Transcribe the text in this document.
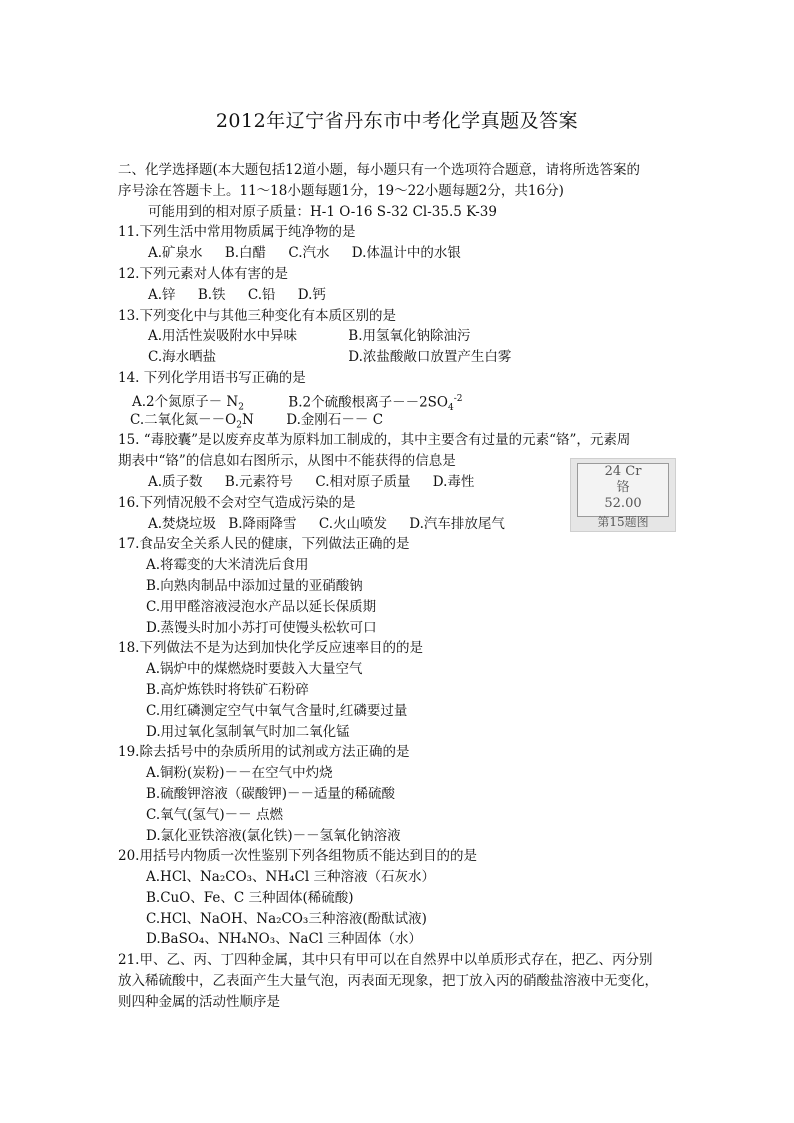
2012年辽宁省丹东市中考化学真题及答案
二、化学选择题(本大题包括12道小题，每小题只有一个选项符合题意，请将所选答案的
序号涂在答题卡上。11～18小题每题1分，19～22小题每题2分，共16分)
可能用到的相对原子质量：H-1 O-16 S-32 Cl-35.5 K-39
11.下列生活中常用物质属于纯净物的是
A.矿泉水 B.白醋 C.汽水 D.体温计中的水银
12.下列元素对人体有害的是
A.锌 B.铁 C.铅 D.钙
13.下列变化中与其他三种变化有本质区别的是
A.用活性炭吸附水中异味	B.用氢氧化钠除油污
C.海水晒盐	D.浓盐酸敞口放置产生白雾
14. 下列化学用语书写正确的是
A.2个氮原子－ $N_2$	B.2个硫酸根离子$--2SO_4^{-2}$
C.二氧化氮$--O_2N$ D.金刚石－－ C
15. “毒胶囊”是以废弃皮革为原料加工制成的，其中主要含有过量的元素“铬”，元素周
期表中“铬”的信息如右图所示，从图中不能获得的信息是
A.质子数 B.元素符号 C.相对原子质量 D.毒性
16.下列情况般不会对空气造成污染的是
A.焚烧垃圾 B.降雨降雪 C.火山喷发 D.汽车排放尾气
17.食品安全关系人民的健康，下列做法正确的是
A.将霉变的大米清洗后食用
B.向熟肉制品中添加过量的亚硝酸钠
C.用甲醛溶液浸泡水产品以延长保质期
D.蒸馒头时加小苏打可使馒头松软可口
18.下列做法不是为达到加快化学反应速率目的的是
A.锅炉中的煤燃烧时要鼓入大量空气
B.高炉炼铁时将铁矿石粉碎
C.用红磷测定空气中氧气含量时,红磷要过量
D.用过氧化氢制氧气时加二氧化锰
19.除去括号中的杂质所用的试剂或方法正确的是
A.铜粉(炭粉)－－在空气中灼烧
B.硫酸钾溶液（碳酸钾)－－适量的稀硫酸
C.氧气(氢气)－－ 点燃
D.氯化亚铁溶液(氯化铁)－－氢氧化钠溶液
20.用括号内物质一次性鉴别下列各组物质不能达到目的的是
A.HCl、Na₂CO₃、NH₄Cl 三种溶液（石灰水）
B.CuO、Fe、C 三种固体(稀硫酸)
C.HCl、NaOH、Na₂CO₃三种溶液(酚酞试液)
D.BaSO₄、NH₄NO₃、NaCl 三种固体（水）
21.甲、乙、丙、丁四种金属，其中只有甲可以在自然界中以单质形式存在，把乙、丙分别
放入稀硫酸中，乙表面产生大量气泡，丙表面无现象，把丁放入丙的硝酸盐溶液中无变化，
则四种金属的活动性顺序是
24 Cr
铬
52.00
第15题图
